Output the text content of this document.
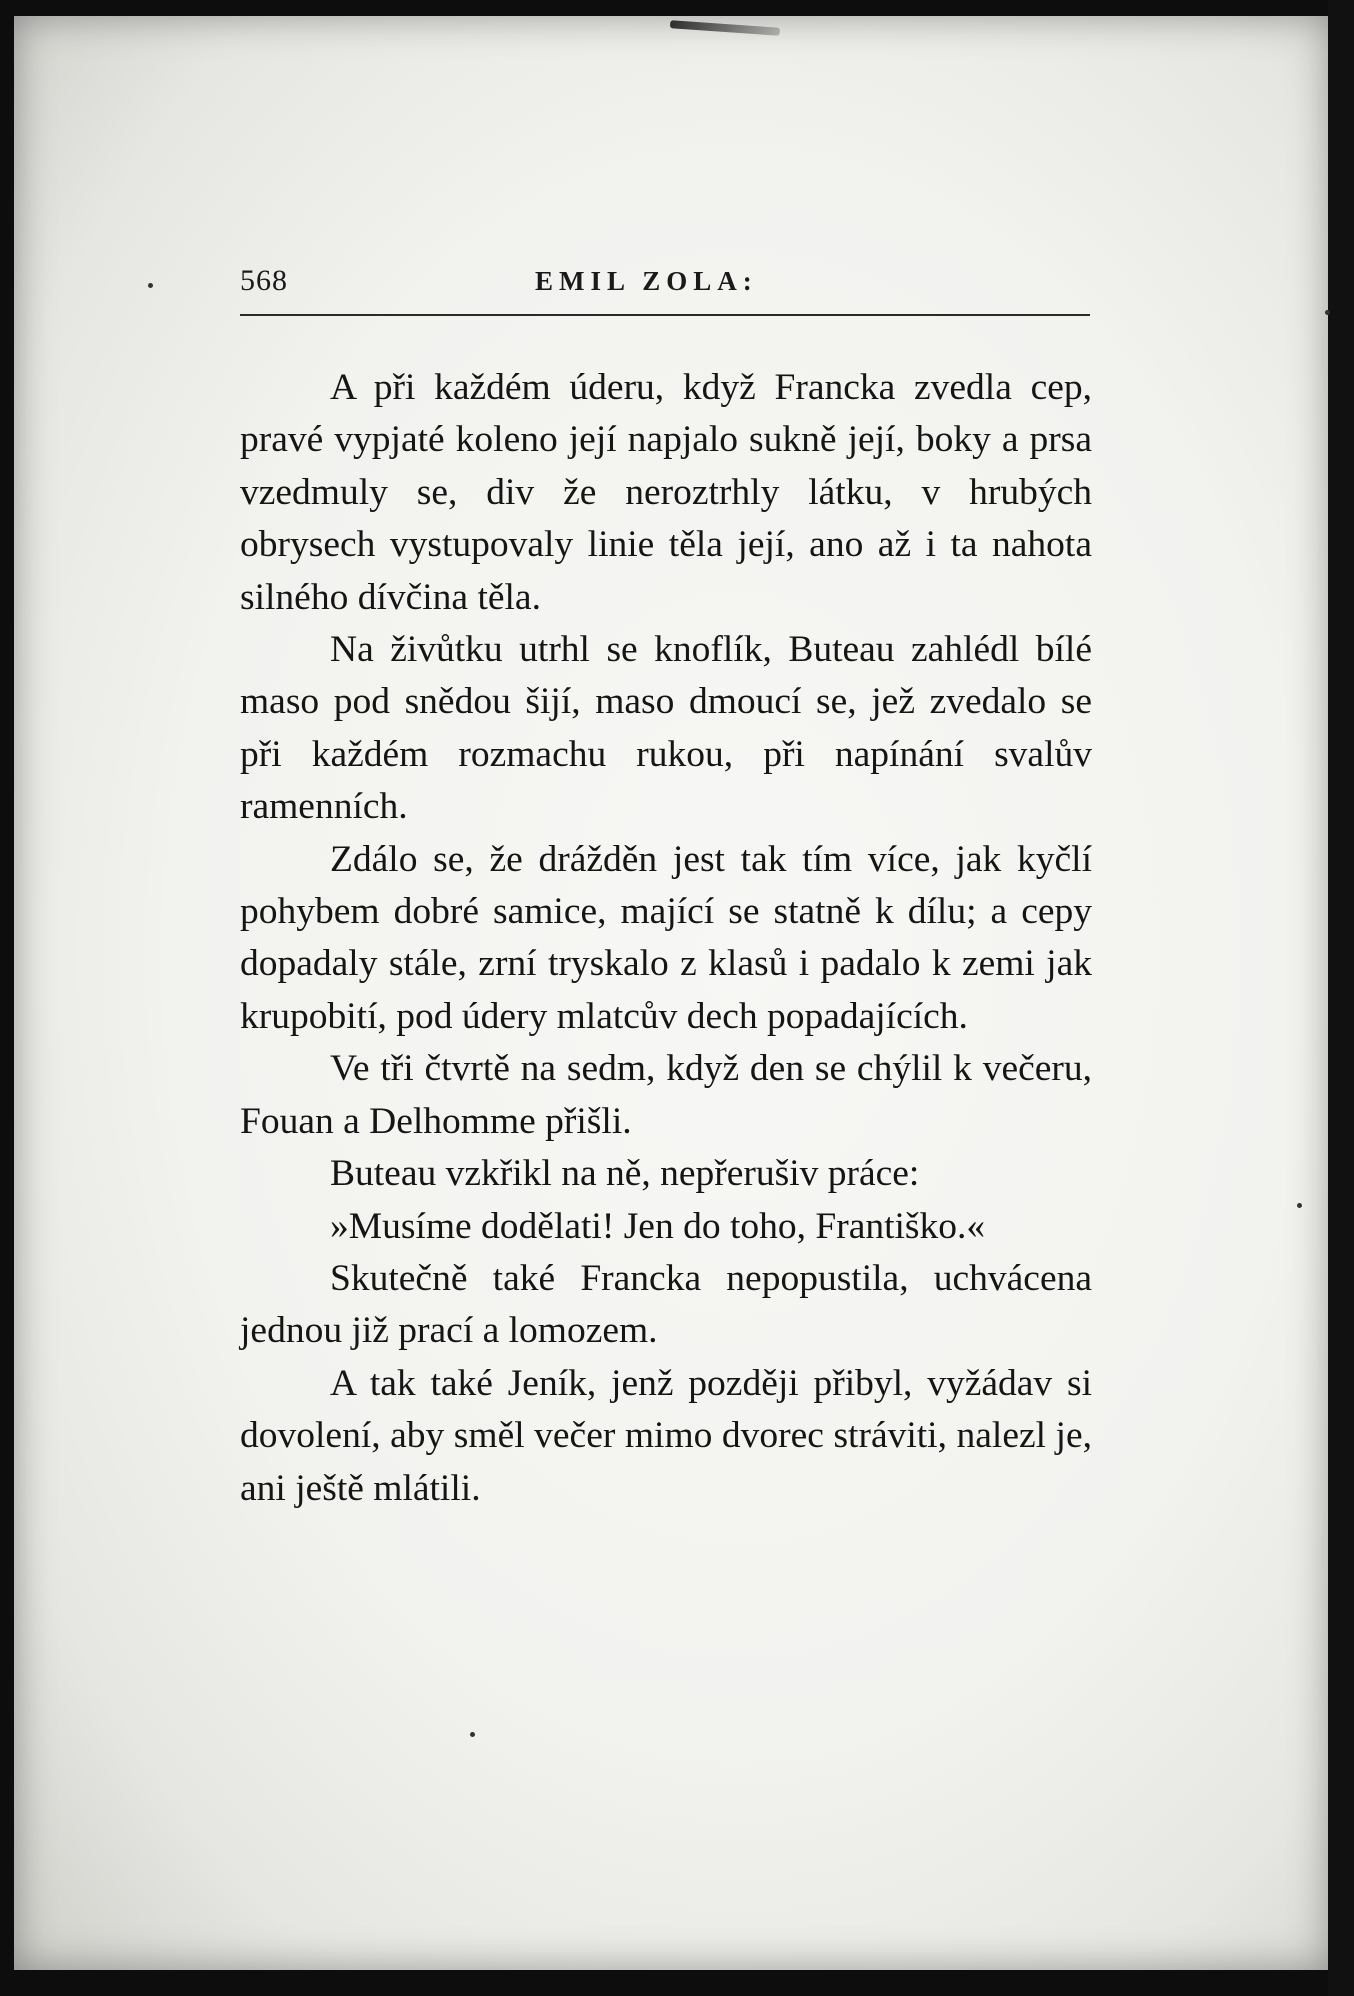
568	EMIL ZOLA:

A při každém úderu, když Francka zvedla cep, pravé vypjaté koleno její napjalo sukně její, boky a prsa vzedmuly se, div že neroztrhly látku, v hrubých obrysech vystupovaly linie těla její, ano až i ta nahota silného dívčina těla.

Na živůtku utrhl se knoflík, Buteau zahlédl bílé maso pod snědou šijí, maso dmoucí se, jež zvedalo se při každém rozmachu rukou, při napínání svalův ramenních.

Zdálo se, že drážděn jest tak tím více, jak kyčlí pohybem dobré samice, mající se statně k dílu; a cepy dopadaly stále, zrní tryskalo z klasů i padalo k zemi jak krupobití, pod údery mlatcův dech popadajících.

Ve tři čtvrtě na sedm, když den se chýlil k večeru, Fouan a Delhomme přišli.

Buteau vzkřikl na ně, nepřerušiv práce:

»Musíme dodělati! Jen do toho, Františko.«

Skutečně také Francka nepopustila, uchvácena jednou již prací a lomozem.

A tak také Jeník, jenž později přibyl, vyžádav si dovolení, aby směl večer mimo dvorec stráviti, nalezl je, ani ještě mlátili.
